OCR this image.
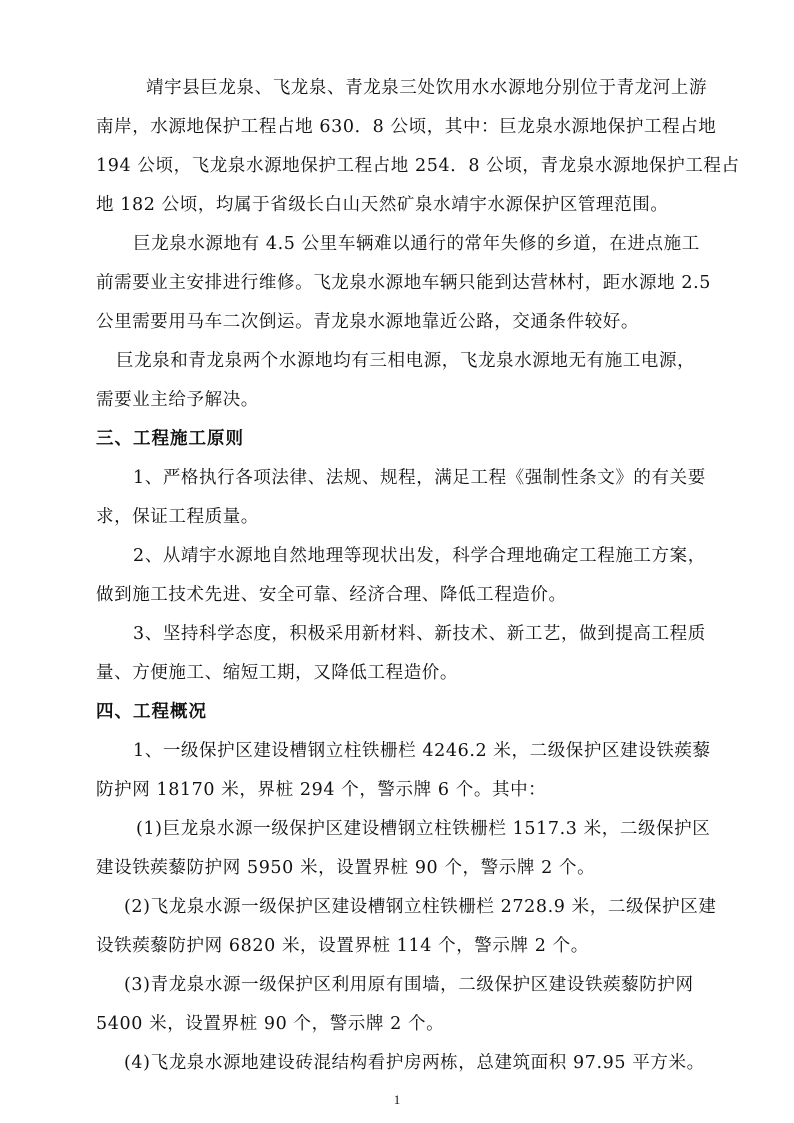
靖宇县巨龙泉、飞龙泉、青龙泉三处饮用水水源地分别位于青龙河上游
南岸，水源地保护工程占地 630．8 公顷，其中：巨龙泉水源地保护工程占地
194 公顷，飞龙泉水源地保护工程占地 254．8 公顷，青龙泉水源地保护工程占
地 182 公顷，均属于省级长白山天然矿泉水靖宇水源保护区管理范围。
巨龙泉水源地有 4.5 公里车辆难以通行的常年失修的乡道，在进点施工
前需要业主安排进行维修。飞龙泉水源地车辆只能到达营林村，距水源地 2.5
公里需要用马车二次倒运。青龙泉水源地靠近公路，交通条件较好。
巨龙泉和青龙泉两个水源地均有三相电源，飞龙泉水源地无有施工电源，
需要业主给予解决。
三、工程施工原则
1、严格执行各项法律、法规、规程，满足工程《强制性条文》的有关要
求，保证工程质量。
2、从靖宇水源地自然地理等现状出发，科学合理地确定工程施工方案，
做到施工技术先进、安全可靠、经济合理、降低工程造价。
3、坚持科学态度，积极采用新材料、新技术、新工艺，做到提高工程质
量、方便施工、缩短工期，又降低工程造价。
四、工程概况
1、一级保护区建设槽钢立柱铁栅栏 4246.2 米，二级保护区建设铁蒺藜
防护网 18170 米，界桩 294 个，警示牌 6 个。其中：
(1)巨龙泉水源一级保护区建设槽钢立柱铁栅栏 1517.3 米，二级保护区
建设铁蒺藜防护网 5950 米，设置界桩 90 个，警示牌 2 个。
(2)飞龙泉水源一级保护区建设槽钢立柱铁栅栏 2728.9 米，二级保护区建
设铁蒺藜防护网 6820 米，设置界桩 114 个，警示牌 2 个。
(3)青龙泉水源一级保护区利用原有围墙，二级保护区建设铁蒺藜防护网
5400 米，设置界桩 90 个，警示牌 2 个。
(4)飞龙泉水源地建设砖混结构看护房两栋，总建筑面积 97.95 平方米。
1
